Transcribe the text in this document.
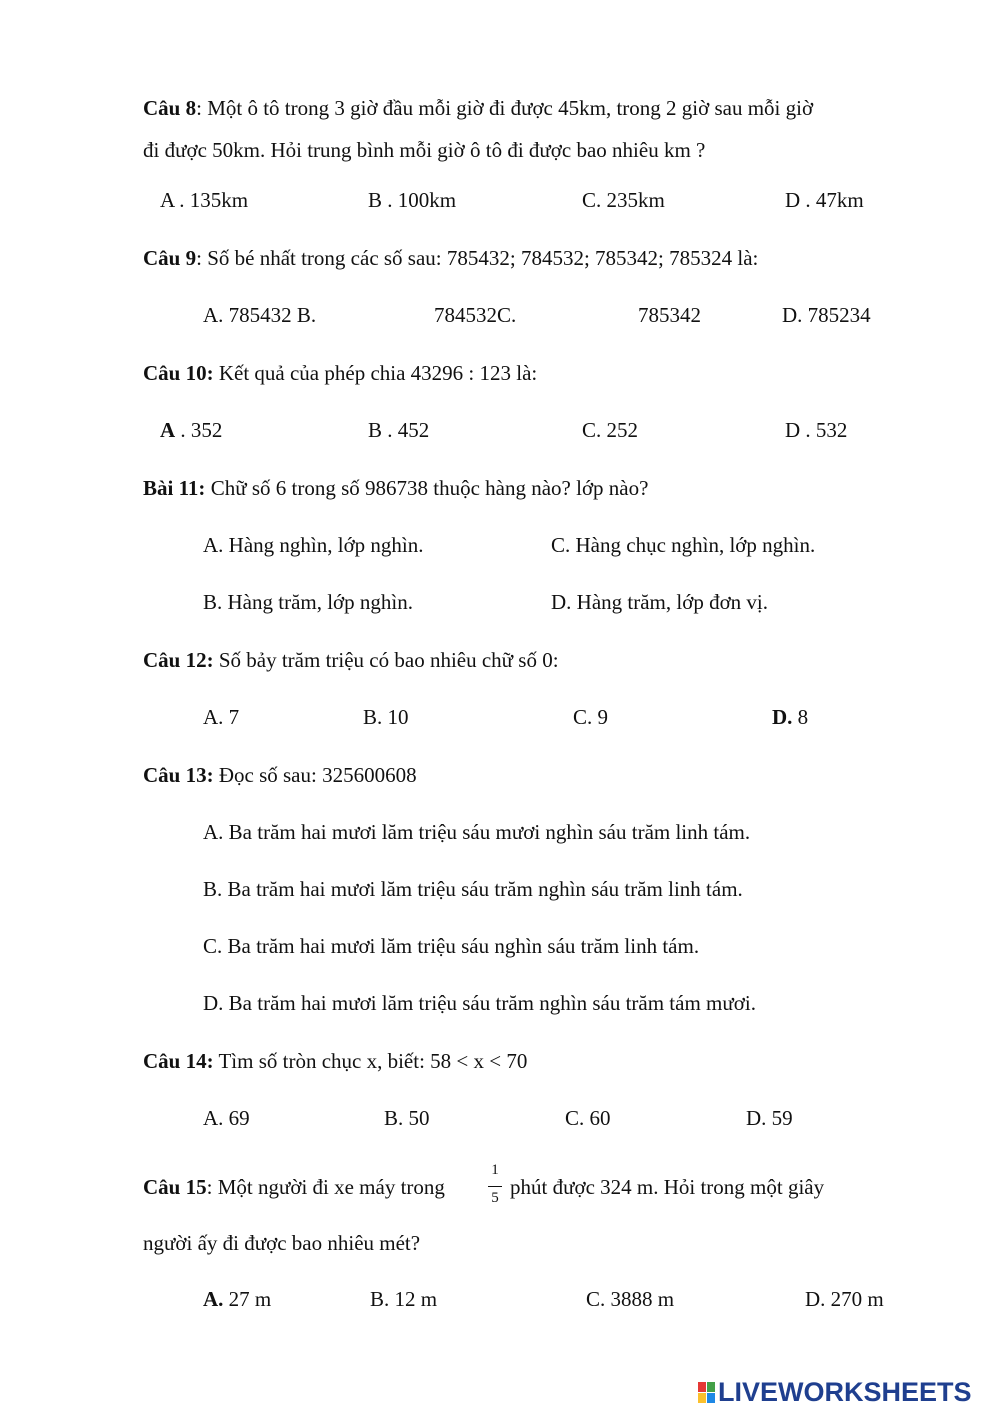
Câu 8: Một ô tô trong 3 giờ đầu mỗi giờ đi được 45km, trong 2 giờ sau mỗi giờ
đi được 50km. Hỏi trung bình mỗi giờ ô tô đi được bao nhiêu km ?
A . 135km	B . 100km	C. 235km	D . 47km
Câu 9: Số bé nhất trong các số sau: 785432; 784532; 785342; 785324 là:
A. 785432 B.	784532C.	785342	D. 785234
Câu 10: Kết quả của phép chia 43296 : 123 là:
A . 352	B . 452	C. 252	D . 532
Bài 11: Chữ số 6 trong số 986738 thuộc hàng nào? lớp nào?
A. Hàng nghìn, lớp nghìn.	C. Hàng chục nghìn, lớp nghìn.
B. Hàng trăm, lớp nghìn.	D. Hàng trăm, lớp đơn vị.
Câu 12: Số bảy trăm triệu có bao nhiêu chữ số 0:
A. 7	B. 10	C. 9	D. 8
Câu 13: Đọc số sau: 325600608
A. Ba trăm hai mươi lăm triệu sáu mươi nghìn sáu trăm linh tám.
B. Ba trăm hai mươi lăm triệu sáu trăm nghìn sáu trăm linh tám.
C. Ba trăm hai mươi lăm triệu sáu nghìn sáu trăm linh tám.
D. Ba trăm hai mươi lăm triệu sáu trăm nghìn sáu trăm tám mươi.
Câu 14: Tìm số tròn chục x, biết: 58 < x < 70
A. 69	B. 50	C. 60	D. 59
Câu 15: Một người đi xe máy trong
1
5 phút được 324 m. Hỏi trong một giây
người ấy đi được bao nhiêu mét?
A. 27 m	B. 12 m	C. 3888 m	D. 270 m
LIVEWORKSHEETS
